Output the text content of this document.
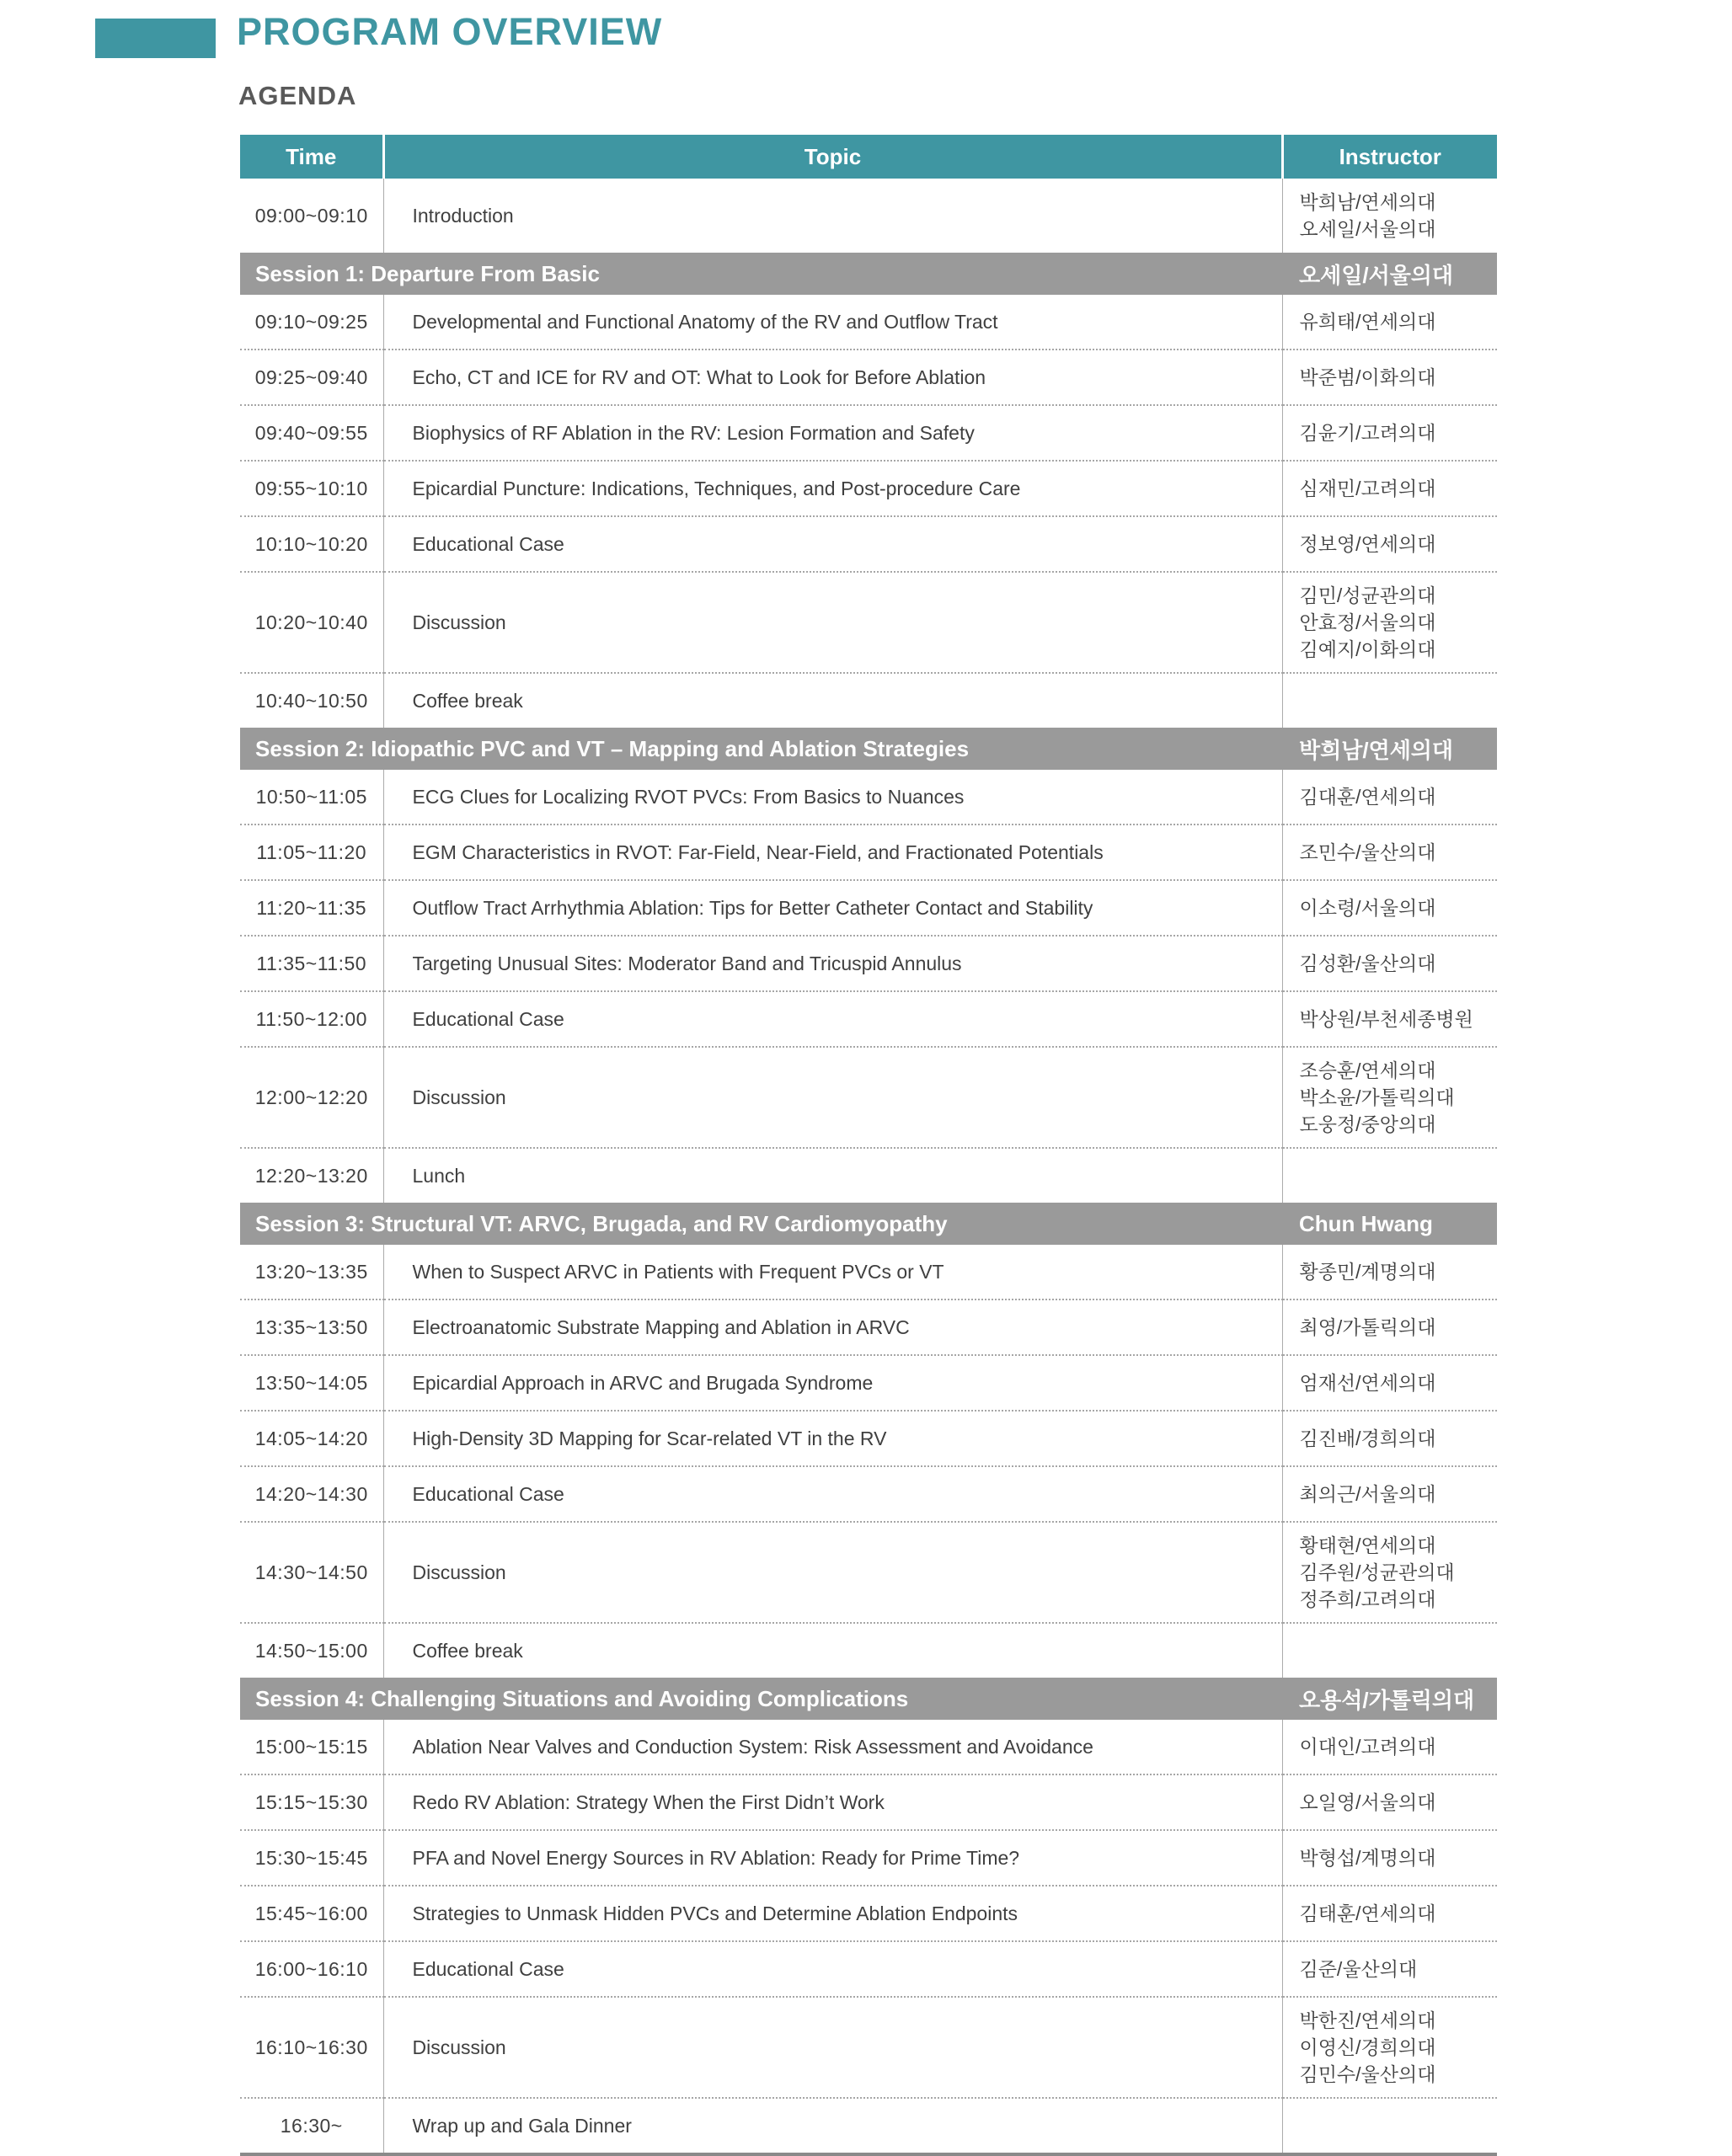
PROGRAM OVERVIEW
AGENDA
Time	Topic	Instructor
09:00~09:10	Introduction	박희남/연세의대
오세일/서울의대

Session 1: Departure From Basic		오세일/서울의대
09:10~09:25	Developmental and Functional Anatomy of the RV and Outflow Tract	유희태/연세의대

09:25~09:40	Echo, CT and ICE for RV and OT: What to Look for Before Ablation	박준범/이화의대

09:40~09:55	Biophysics of RF Ablation in the RV: Lesion Formation and Safety	김윤기/고려의대

09:55~10:10	Epicardial Puncture: Indications, Techniques, and Post-procedure Care	심재민/고려의대

10:10~10:20	Educational Case	정보영/연세의대

10:20~10:40	Discussion	김민/성균관의대
안효정/서울의대
김예지/이화의대

10:40~10:50	Coffee break	
Session 2: Idiopathic PVC and VT – Mapping and Ablation Strategies		박희남/연세의대
10:50~11:05	ECG Clues for Localizing RVOT PVCs: From Basics to Nuances	김대훈/연세의대

11:05~11:20	EGM Characteristics in RVOT: Far-Field, Near-Field, and Fractionated Potentials	조민수/울산의대

11:20~11:35	Outflow Tract Arrhythmia Ablation: Tips for Better Catheter Contact and Stability	이소령/서울의대

11:35~11:50	Targeting Unusual Sites: Moderator Band and Tricuspid Annulus	김성환/울산의대

11:50~12:00	Educational Case	박상원/부천세종병원

12:00~12:20	Discussion	조승훈/연세의대
박소윤/가톨릭의대
도웅정/중앙의대

12:20~13:20	Lunch	
Session 3: Structural VT: ARVC, Brugada, and RV Cardiomyopathy		Chun Hwang
13:20~13:35	When to Suspect ARVC in Patients with Frequent PVCs or VT	황종민/계명의대

13:35~13:50	Electroanatomic Substrate Mapping and Ablation in ARVC	최영/가톨릭의대

13:50~14:05	Epicardial Approach in ARVC and Brugada Syndrome	엄재선/연세의대

14:05~14:20	High-Density 3D Mapping for Scar-related VT in the RV	김진배/경희의대

14:20~14:30	Educational Case	최의근/서울의대

14:30~14:50	Discussion	황태현/연세의대
김주원/성균관의대
정주희/고려의대

14:50~15:00	Coffee break	
Session 4: Challenging Situations and Avoiding Complications		오용석/가톨릭의대
15:00~15:15	Ablation Near Valves and Conduction System: Risk Assessment and Avoidance	이대인/고려의대

15:15~15:30	Redo RV Ablation: Strategy When the First Didn’t Work	오일영/서울의대

15:30~15:45	PFA and Novel Energy Sources in RV Ablation: Ready for Prime Time?	박형섭/계명의대

15:45~16:00	Strategies to Unmask Hidden PVCs and Determine Ablation Endpoints	김태훈/연세의대

16:00~16:10	Educational Case	김준/울산의대

16:10~16:30	Discussion	박한진/연세의대
이영신/경희의대
김민수/울산의대

16:30~	Wrap up and Gala Dinner	
